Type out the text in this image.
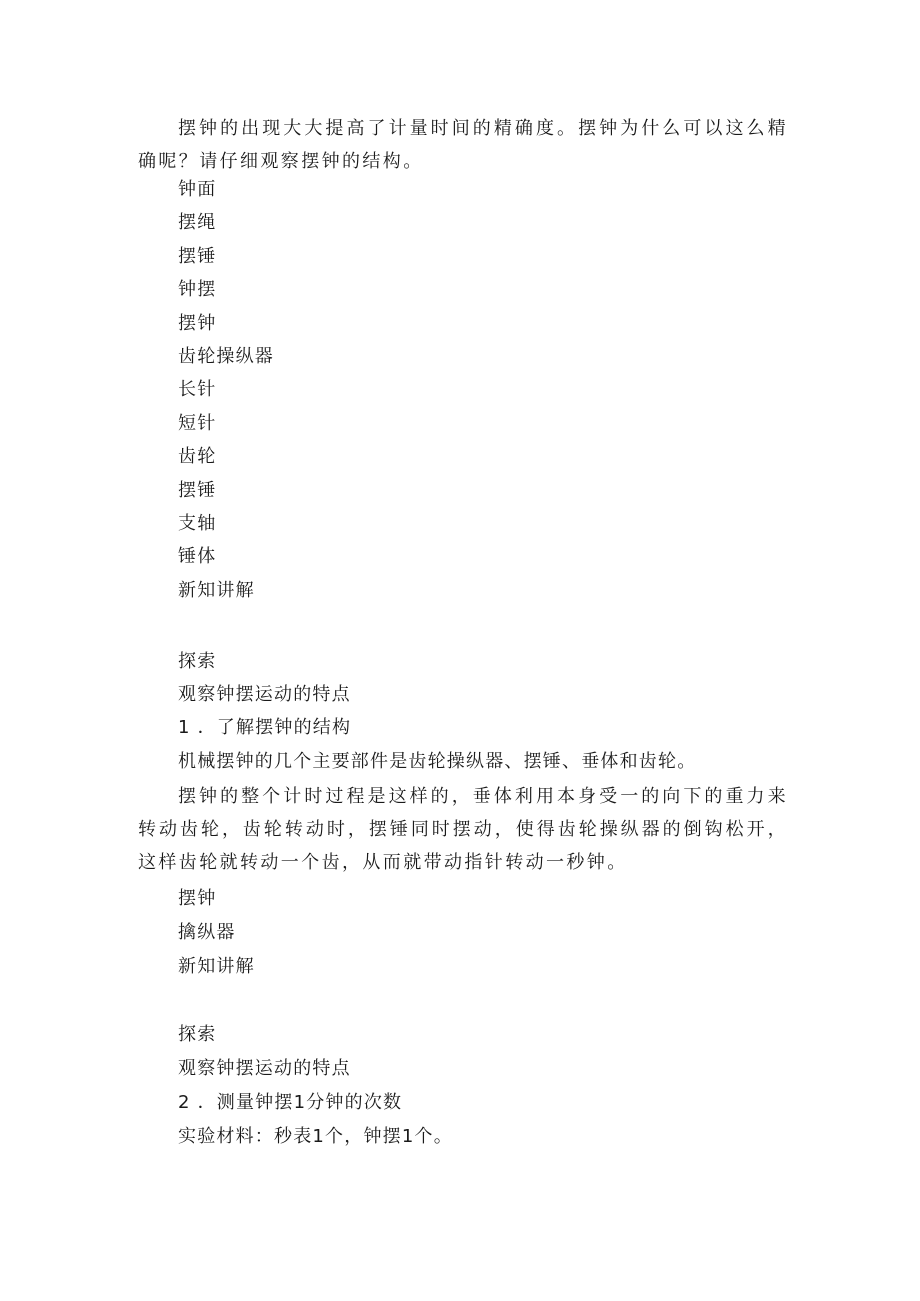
摆钟的出现大大提高了计量时间的精确度。摆钟为什么可以这么精确呢？请仔细观察摆钟的结构。
钟面
摆绳
摆锤
钟摆
摆钟
齿轮操纵器
长针
短针
齿轮
摆锤
支轴
锤体
新知讲解
探索
观察钟摆运动的特点
1 ．了解摆钟的结构
机械摆钟的几个主要部件是齿轮操纵器、摆锤、垂体和齿轮。
摆钟的整个计时过程是这样的，垂体利用本身受一的向下的重力来转动齿轮，齿轮转动时，摆锤同时摆动，使得齿轮操纵器的倒钩松开，这样齿轮就转动一个齿，从而就带动指针转动一秒钟。
摆钟
擒纵器
新知讲解
探索
观察钟摆运动的特点
2 ．测量钟摆1分钟的次数
实验材料：秒表1个，钟摆1个。
